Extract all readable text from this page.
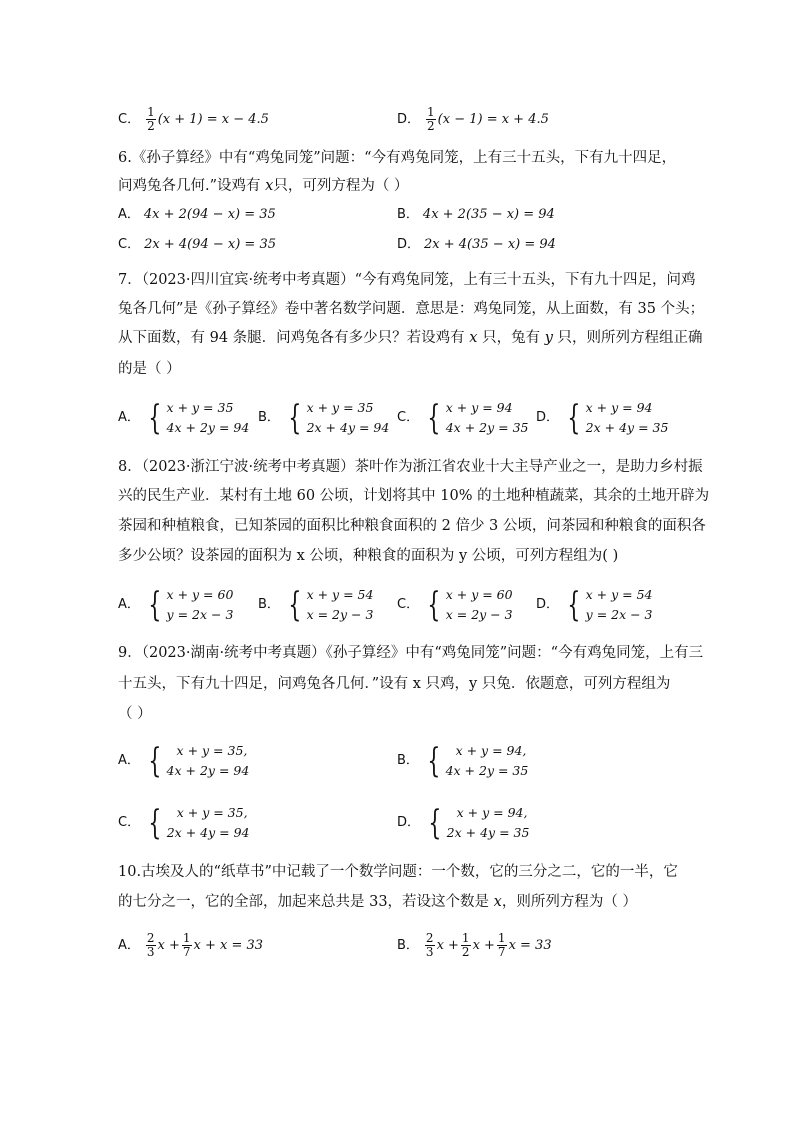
C． $\frac{1}{2} (x + 1) = x - 4.5$	D． $\frac{1}{2} (x - 1) = x + 4.5$
6.《孙子算经》中有“鸡兔同笼”问题：“今有鸡兔同笼，上有三十五头，下有九十四足，
问鸡兔各几何.”设鸡有 x只，可列方程为（ ）
A． 4x + 2(94 − x) = 35	B． 4x + 2(35 − x) = 94
C． 2x + 4(94 − x) = 35	D． 2x + 4(35 − x) = 94
7．（2023·四川宜宾·统考中考真题）“今有鸡兔同笼，上有三十五头，下有九十四足，问鸡
兔各几何”是《孙子算经》卷中著名数学问题．意思是：鸡兔同笼，从上面数，有 35 个头；
从下面数，有 94 条腿．问鸡兔各有多少只？若设鸡有 x 只，兔有 y 只，则所列方程组正确
的是（ ）
A． { x + y = 35
4x + 2y = 94
B． { x + y = 35
2x + 4y = 94
C． { x + y = 94
4x + 2y = 35
D． { x + y = 94
2x + 4y = 35
8．（2023·浙江宁波·统考中考真题）茶叶作为浙江省农业十大主导产业之一，是助力乡村振
兴的民生产业．某村有土地 60 公顷，计划将其中 10% 的土地种植蔬菜，其余的土地开辟为
茶园和种植粮食，已知茶园的面积比种粮食面积的 2 倍少 3 公顷，问茶园和种粮食的面积各
多少公顷？设茶园的面积为 x 公顷，种粮食的面积为 y 公顷，可列方程组为( )
A． { x + y = 60
y = 2x − 3
B． { x + y = 54
x = 2y − 3
C． { x + y = 60
x = 2y − 3
D． { x + y = 54
y = 2x − 3
9．（2023·湖南·统考中考真题）《孙子算经》中有“鸡兔同笼”问题：“今有鸡兔同笼，上有三
十五头，下有九十四足，问鸡兔各几何．”设有 x 只鸡，y 只兔．依题意，可列方程组为
（ ）
A． {	x + y = 35,
4x + 2y = 94
B． {	x + y = 94,
4x + 2y = 35
C． {	x + y = 35,
2x + 4y = 94
D． {	x + y = 94,
2x + 4y = 35
10.古埃及人的“纸草书”中记载了一个数学问题：一个数，它的三分之二，它的一半，它
的七分之一，它的全部，加起来总共是 33，若设这个数是 x，则所列方程为（ ）
A． $\frac{2}{3}$ $x + \frac{1}{7}$ x + x = 33	B． $\frac{2}{3}$ $x + \frac{1}{2}$ $x + \frac{1}{7}$ x = 33
